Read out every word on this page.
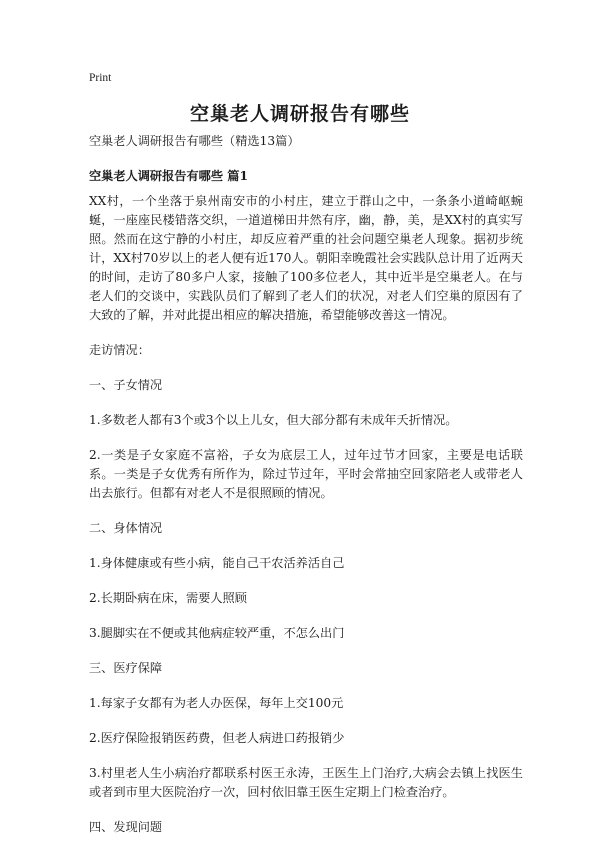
Print
空巢老人调研报告有哪些

空巢老人调研报告有哪些（精选13篇）

空巢老人调研报告有哪些 篇1

XX村，一个坐落于泉州南安市的小村庄，建立于群山之中，一条条小道崎岖蜿蜒，一座座民楼错落交织，一道道梯田井然有序，幽，静，美，是XX村的真实写照。然而在这宁静的小村庄，却反应着严重的社会问题空巢老人现象。据初步统计，XX村70岁以上的老人便有近170人。朝阳幸晚霞社会实践队总计用了近两天的时间，走访了80多户人家，接触了100多位老人，其中近半是空巢老人。在与老人们的交谈中，实践队员们了解到了老人们的状况，对老人们空巢的原因有了大致的了解，并对此提出相应的解决措施，希望能够改善这一情况。

走访情况：

一、子女情况

1.多数老人都有3个或3个以上儿女，但大部分都有未成年夭折情况。

2.一类是子女家庭不富裕，子女为底层工人，过年过节才回家，主要是电话联系。一类是子女优秀有所作为，除过节过年，平时会常抽空回家陪老人或带老人出去旅行。但都有对老人不是很照顾的情况。

二、身体情况

1.身体健康或有些小病，能自己干农活养活自己

2.长期卧病在床，需要人照顾

3.腿脚实在不便或其他病症较严重，不怎么出门

三、医疗保障

1.每家子女都有为老人办医保，每年上交100元

2.医疗保险报销医药费，但老人病进口药报销少

3.村里老人生小病治疗都联系村医王永涛，王医生上门治疗,大病会去镇上找医生或者到市里大医院治疗一次，回村依旧靠王医生定期上门检查治疗。

四、发现问题
